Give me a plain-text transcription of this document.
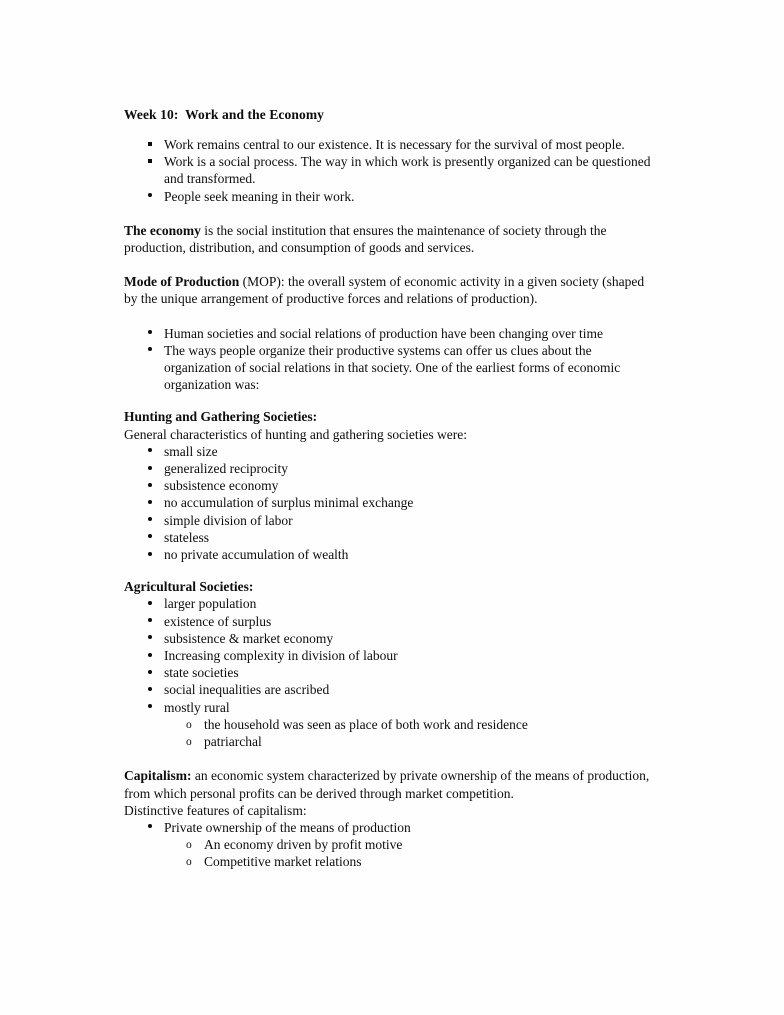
Week 10:  Work and the Economy
Work remains central to our existence. It is necessary for the survival of most people.
Work is a social process. The way in which work is presently organized can be questioned and transformed.
People seek meaning in their work.

The economy is the social institution that ensures the maintenance of society through the production, distribution, and consumption of goods and services.

Mode of Production (MOP): the overall system of economic activity in a given society (shaped by the unique arrangement of productive forces and relations of production).

Human societies and social relations of production have been changing over time
The ways people organize their productive systems can offer us clues about the organization of social relations in that society. One of the earliest forms of economic organization was:

Hunting and Gathering Societies:

General characteristics of hunting and gathering societies were:

small size
generalized reciprocity
subsistence economy
no accumulation of surplus minimal exchange
simple division of labor
stateless
no private accumulation of wealth

Agricultural Societies:

larger population
existence of surplus
subsistence & market economy
Increasing complexity in division of labour
state societies
social inequalities are ascribed
mostly rural
o the household was seen as place of both work and residence
o patriarchal

Capitalism: an economic system characterized by private ownership of the means of production, from which personal profits can be derived through market competition.

Distinctive features of capitalism:

Private ownership of the means of production
o An economy driven by profit motive
o Competitive market relations
